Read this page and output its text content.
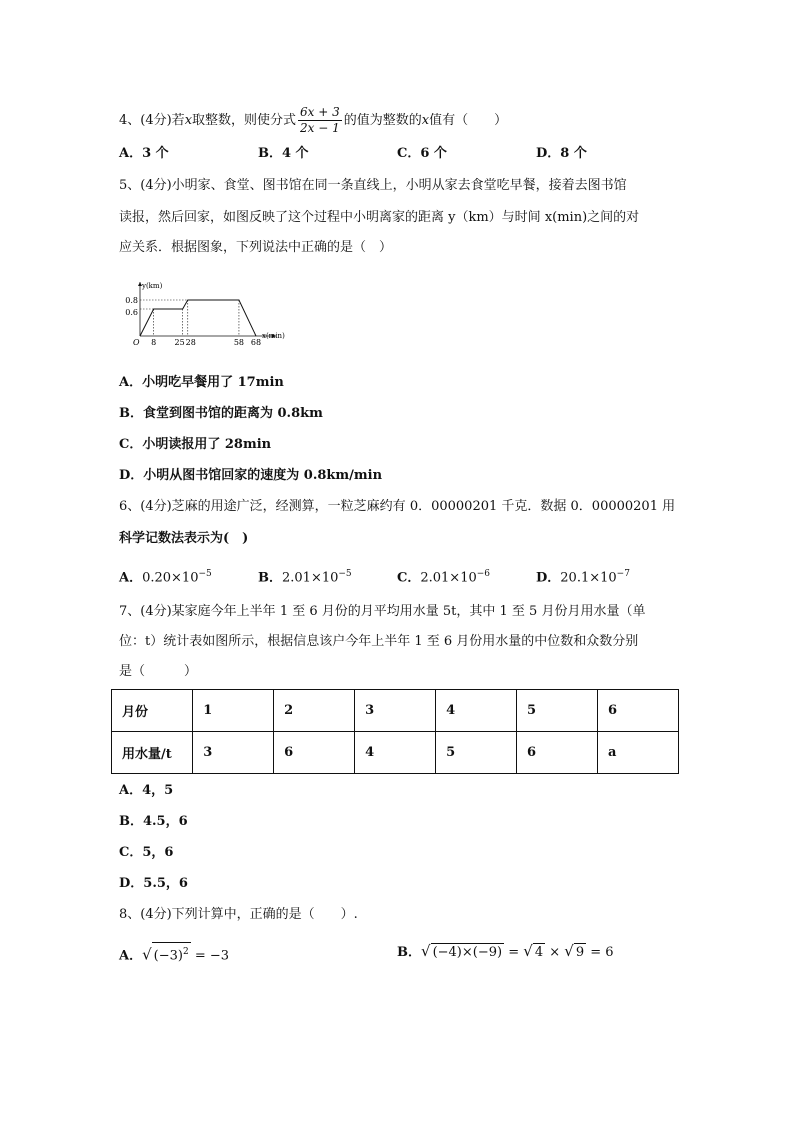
4、(4分)若x取整数，则使分式 $\frac{6x + 3}{2x - 1}$ 的值为整数的x值有（　　）
A．3 个	B．4 个	C．6 个	D．8 个
5、(4分)小明家、食堂、图书馆在同一条直线上，小明从家去食堂吃早餐，接着去图书馆
读报，然后回家，如图反映了这个过程中小明离家的距离 y（km）与时间 x(min)之间的对
应关系．根据图象，下列说法中正确的是（　）
y(km)
x(min)
O
0.8
0.6
8 25 28	58 68
A．小明吃早餐用了 17min
B．食堂到图书馆的距离为 0.8km
C．小明读报用了 28min
D．小明从图书馆回家的速度为 0.8km/min
6、(4分)芝麻的用途广泛，经测算，一粒芝麻约有 0．00000201 千克．数据 0．00000201 用
科学记数法表示为(　)
A．$0.20\times 10^{-5}$	B．$2.01\times 10^{-5}$	C．$2.01\times 10^{-6}$	D．$20.1\times 10^{-7}$
7、(4分)某家庭今年上半年 1 至 6 月份的月平均用水量 5t，其中 1 至 5 月份月用水量（单
位：t）统计表如图所示，根据信息该户今年上半年 1 至 6 月份用水量的中位数和众数分别
是（　　　）
月份	1	2	3	4	5	6
用水量/t	3	6	4	5	6	a
A．4，5
B．4.5，6
C．5，6
D．5.5，6
8、(4分)下列计算中，正确的是（　　）.
A．√ $(-3)^2 = -3$	B．√ (−4)×(−9) = √ 4 × √ 9 = 6
